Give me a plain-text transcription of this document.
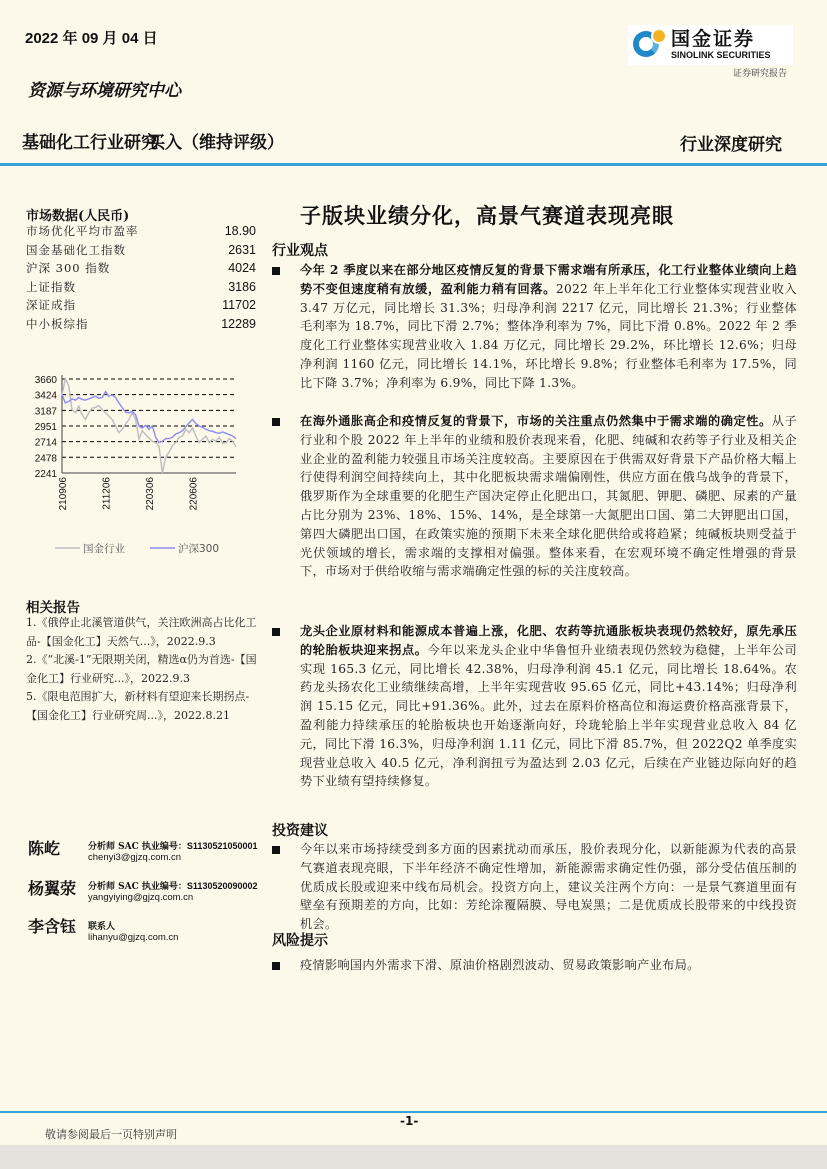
2022 年 09 月 04 日	国金证券
SINOLINK SECURITIES
证券研究报告
资源与环境研究中心
基础化工行业研究
买入（维持评级）	行业深度研究
市场数据(人民币)
市场优化平均市盈率	18.90
国金基础化工指数	2631
沪深 300 指数	4024
上证指数	3186
深证成指	11702
中小板综指	12289
3660
3424
3187
2951
2714
2478
2241
210906	211206	220306	220606
国金行业	沪深300
相关报告
1.《俄停止北溪管道供气，关注欧洲高占比化工品-【国金化工】天然气...》，2022.9.3
2.《“北溪-1”无限期关闭，精选α仍为首选-【国金化工】行业研究...》，2022.9.3
5.《限电范围扩大，新材料有望迎来长期拐点-【国金化工】行业研究周...》，2022.8.21
陈屹	分析师 SAC 执业编号：S1130521050001
chenyi3@gjzq.com.cn
杨翼荥 分析师 SAC 执业编号：S1130520090002
yangyiying@gjzq.com.cn
李含钰 联系人
lihanyu@gjzq.com.cn
子版块业绩分化，高景气赛道表现亮眼
行业观点
今年 2 季度以来在部分地区疫情反复的背景下需求端有所承压，化工行业整体业绩向上趋势不变但速度稍有放缓，盈利能力稍有回落。2022 年上半年化工行业整体实现营业收入 3.47 万亿元，同比增长 31.3%；归母净利润 2217 亿元，同比增长 21.3%；行业整体毛利率为 18.7%，同比下滑 2.7%；整体净利率为 7%，同比下滑 0.8%。2022 年 2 季度化工行业整体实现营业收入 1.84 万亿元，同比增长 29.2%，环比增长 12.6%；归母净利润 1160 亿元，同比增长 14.1%，环比增长 9.8%；行业整体毛利率为 17.5%，同比下降 3.7%；净利率为 6.9%，同比下降 1.3%。
在海外通胀高企和疫情反复的背景下，市场的关注重点仍然集中于需求端的确定性。从子行业和个股 2022 年上半年的业绩和股价表现来看，化肥、纯碱和农药等子行业及相关企业企业的盈利能力较强且市场关注度较高。主要原因在于供需双好背景下产品价格大幅上行使得利润空间持续向上，其中化肥板块需求端偏刚性，供应方面在俄乌战争的背景下，俄罗斯作为全球重要的化肥生产国决定停止化肥出口，其氮肥、钾肥、磷肥、尿素的产量占比分别为 23%、18%、15%、14%，是全球第一大氮肥出口国、第二大钾肥出口国，第四大磷肥出口国，在政策实施的预期下未来全球化肥供给或将趋紧；纯碱板块则受益于光伏领域的增长，需求端的支撑相对偏强。整体来看，在宏观环境不确定性增强的背景下，市场对于供给收缩与需求端确定性强的标的关注度较高。
龙头企业原材料和能源成本普遍上涨，化肥、农药等抗通胀板块表现仍然较好，原先承压的轮胎板块迎来拐点。今年以来龙头企业中华鲁恒升业绩表现仍然较为稳健，上半年公司实现 165.3 亿元，同比增长 42.38%，归母净利润 45.1 亿元，同比增长 18.64%。农药龙头扬农化工业绩继续高增，上半年实现营收 95.65 亿元，同比+43.14%；归母净利润 15.15 亿元，同比+91.36%。此外，过去在原料价格高位和海运费价格高涨背景下，盈利能力持续承压的轮胎板块也开始逐渐向好，玲珑轮胎上半年实现营业总收入 84 亿元，同比下滑 16.3%，归母净利润 1.11 亿元，同比下滑 85.7%，但 2022Q2 单季度实现营业总收入 40.5 亿元，净利润扭亏为盈达到 2.03 亿元，后续在产业链边际向好的趋势下业绩有望持续修复。
投资建议
今年以来市场持续受到多方面的因素扰动而承压，股价表现分化，以新能源为代表的高景气赛道表现亮眼，下半年经济不确定性增加，新能源需求确定性仍强，部分受估值压制的优质成长股或迎来中线布局机会。投资方向上，建议关注两个方向：一是景气赛道里面有壁垒有预期差的方向，比如：芳纶涂覆隔膜、导电炭黑；二是优质成长股带来的中线投资机会。
风险提示
疫情影响国内外需求下滑、原油价格剧烈波动、贸易政策影响产业布局。
-1-
敬请参阅最后一页特别声明
